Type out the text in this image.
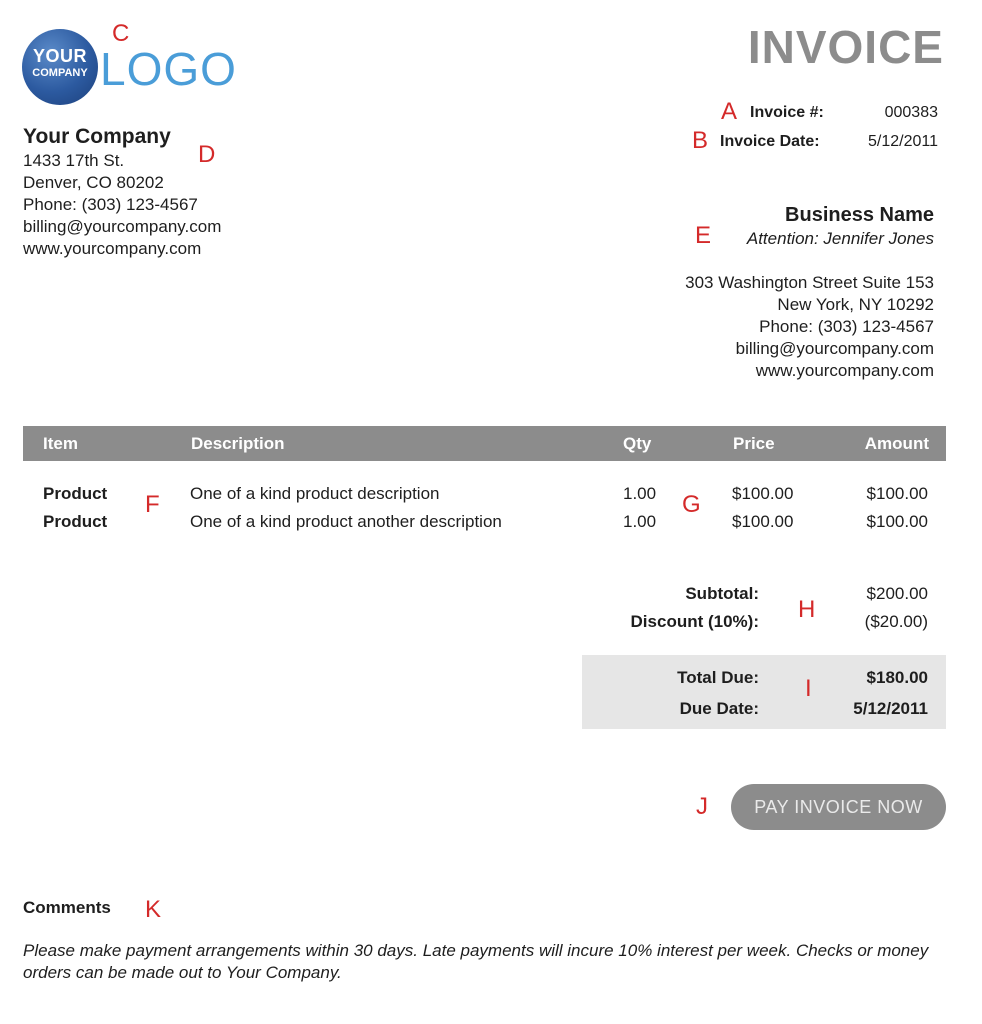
YOUR
COMPANY LOGO
C	INVOICE
A Invoice #:	000383
B Invoice Date:	5/12/2011
Your Company
D
1433 17th St.
Denver, CO 80202
Phone: (303) 123-4567
billing@yourcompany.com
www.yourcompany.com
Business Name
E Attention: Jennifer Jones
303 Washington Street Suite 153
New York, NY 10292
Phone: (303) 123-4567
billing@yourcompany.com
www.yourcompany.com
Item	Description	Qty	Price	Amount
Product	One of a kind product description	1.00	$100.00	$100.00
Product	One of a kind product another description	1.00	$100.00	$100.00
F	G
Subtotal:	$200.00
Discount (10%):	($20.00)
H
Total Due:	$180.00
Due Date:	5/12/2011
I
J	PAY INVOICE NOW
Comments K
Please make payment arrangements within 30 days. Late payments will incure 10% interest per week. Checks or money orders can be made out to Your Company.
